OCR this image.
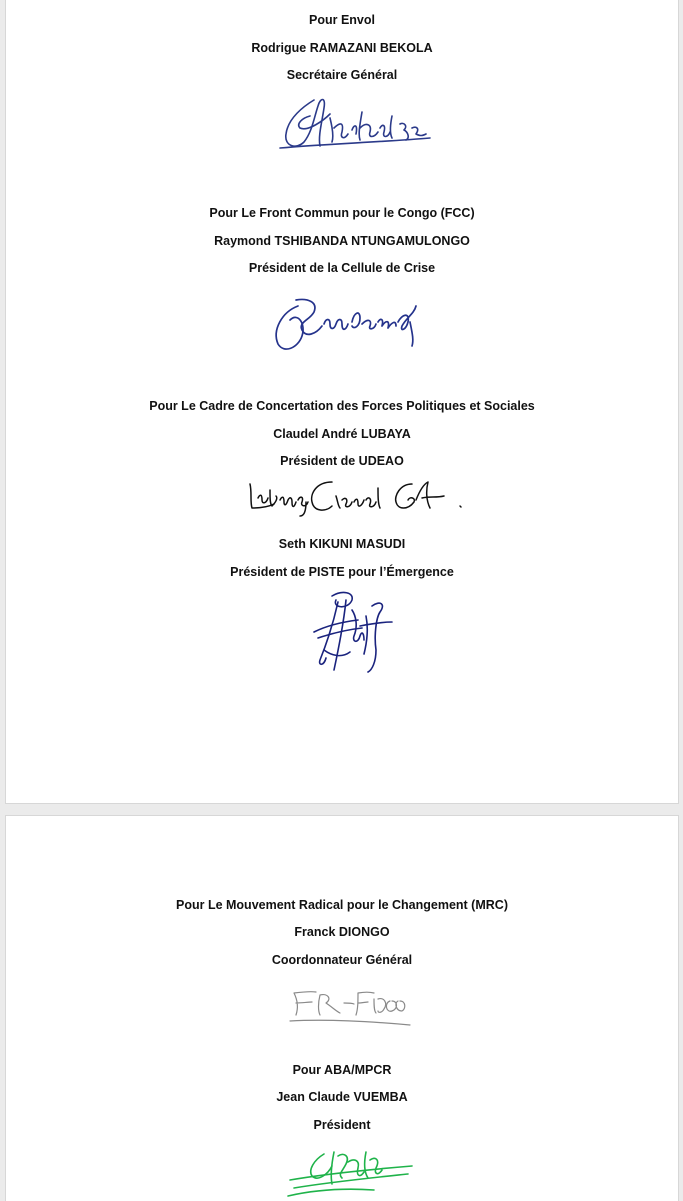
Pour Envol
Rodrigue RAMAZANI BEKOLA
Secrétaire Général
Pour Le Front Commun pour le Congo (FCC)
Raymond TSHIBANDA NTUNGAMULONGO
Président de la Cellule de Crise
Pour Le Cadre de Concertation des Forces Politiques et Sociales
Claudel André LUBAYA
Président de UDEAO
Seth KIKUNI MASUDI
Président de PISTE pour l’Émergence
Pour Le Mouvement Radical pour le Changement (MRC)
Franck DIONGO
Coordonnateur Général
Pour ABA/MPCR
Jean Claude VUEMBA
Président
